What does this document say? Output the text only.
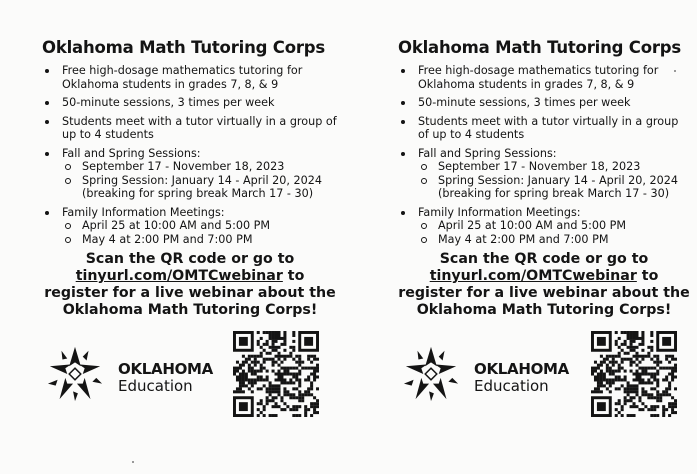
Oklahoma Math Tutoring Corps
Free high-dosage mathematics tutoring for Oklahoma students in grades 7, 8, & 9
50-minute sessions, 3 times per week
Students meet with a tutor virtually in a group of up to 4 students
Fall and Spring Sessions:
September 17 - November 18, 2023
Spring Session: January 14 - April 20, 2024 (breaking for spring break March 17 - 30)
Family Information Meetings:
April 25 at 10:00 AM and 5:00 PM
May 4 at 2:00 PM and 7:00 PM
Scan the QR code or go to
tinyurl.com/OMTCwebinar to
register for a live webinar about the
Oklahoma Math Tutoring Corps!
OKLAHOMA
Education
Oklahoma Math Tutoring Corps
Free high-dosage mathematics tutoring for Oklahoma students in grades 7, 8, & 9
50-minute sessions, 3 times per week
Students meet with a tutor virtually in a group of up to 4 students
Fall and Spring Sessions:
September 17 - November 18, 2023
Spring Session: January 14 - April 20, 2024 (breaking for spring break March 17 - 30)
Family Information Meetings:
April 25 at 10:00 AM and 5:00 PM
May 4 at 2:00 PM and 7:00 PM
Scan the QR code or go to
tinyurl.com/OMTCwebinar to
register for a live webinar about the
Oklahoma Math Tutoring Corps!
OKLAHOMA
Education
